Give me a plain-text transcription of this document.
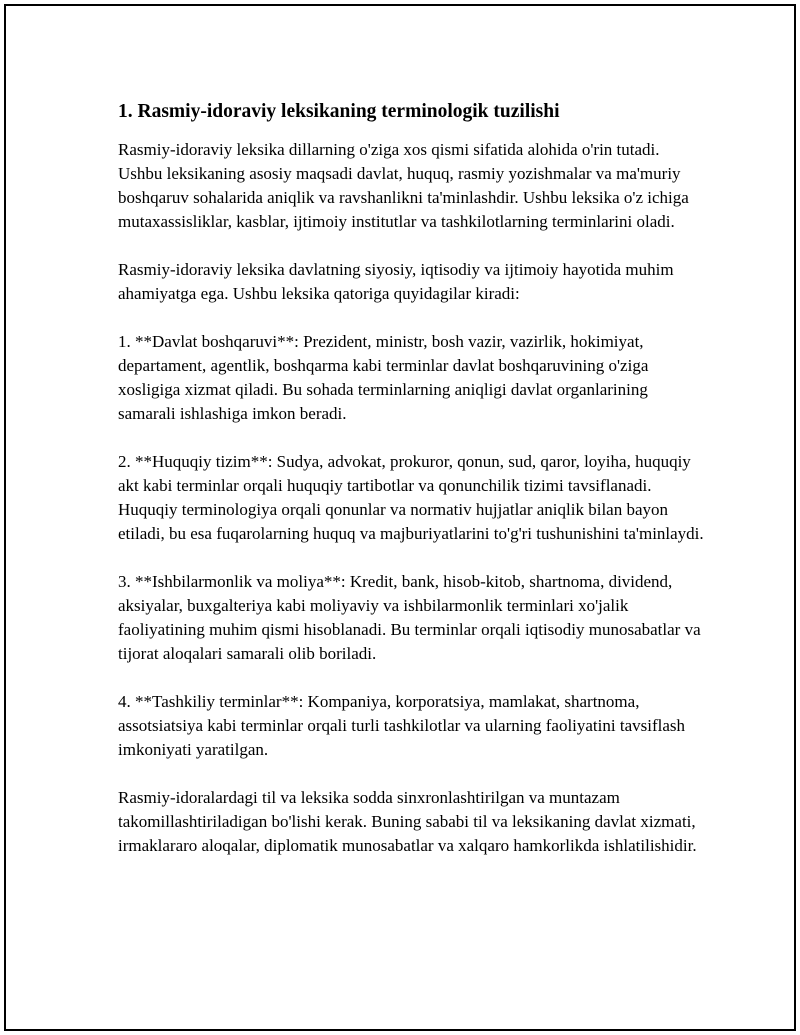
1. Rasmiy-idoraviy leksikaning terminologik tuzilishi

Rasmiy-idoraviy leksika dillarning o'ziga xos qismi sifatida alohida o'rin tutadi. Ushbu leksikaning asosiy maqsadi davlat, huquq, rasmiy yozishmalar va ma'muriy boshqaruv sohalarida aniqlik va ravshanlikni ta'minlashdir. Ushbu leksika o'z ichiga mutaxassisliklar, kasblar, ijtimoiy institutlar va tashkilotlarning terminlarini oladi.

Rasmiy-idoraviy leksika davlatning siyosiy, iqtisodiy va ijtimoiy hayotida muhim ahamiyatga ega. Ushbu leksika qatoriga quyidagilar kiradi:

1. **Davlat boshqaruvi**: Prezident, ministr, bosh vazir, vazirlik, hokimiyat, departament, agentlik, boshqarma kabi terminlar davlat boshqaruvining o'ziga xosligiga xizmat qiladi. Bu sohada terminlarning aniqligi davlat organlarining samarali ishlashiga imkon beradi.

2. **Huquqiy tizim**: Sudya, advokat, prokuror, qonun, sud, qaror, loyiha, huquqiy akt kabi terminlar orqali huquqiy tartibotlar va qonunchilik tizimi tavsiflanadi. Huquqiy terminologiya orqali qonunlar va normativ hujjatlar aniqlik bilan bayon etiladi, bu esa fuqarolarning huquq va majburiyatlarini to'g'ri tushunishini ta'minlaydi.

3. **Ishbilarmonlik va moliya**: Kredit, bank, hisob-kitob, shartnoma, dividend, aksiyalar, buxgalteriya kabi moliyaviy va ishbilarmonlik terminlari xo'jalik faoliyatining muhim qismi hisoblanadi. Bu terminlar orqali iqtisodiy munosabatlar va tijorat aloqalari samarali olib boriladi.

4. **Tashkiliy terminlar**: Kompaniya, korporatsiya, mamlakat, shartnoma, assotsiatsiya kabi terminlar orqali turli tashkilotlar va ularning faoliyatini tavsiflash imkoniyati yaratilgan.

Rasmiy-idoralardagi til va leksika sodda sinxronlashtirilgan va muntazam takomillashtiriladigan bo'lishi kerak. Buning sababi til va leksikaning davlat xizmati, irmaklararo aloqalar, diplomatik munosabatlar va xalqaro hamkorlikda ishlatilishidir.
